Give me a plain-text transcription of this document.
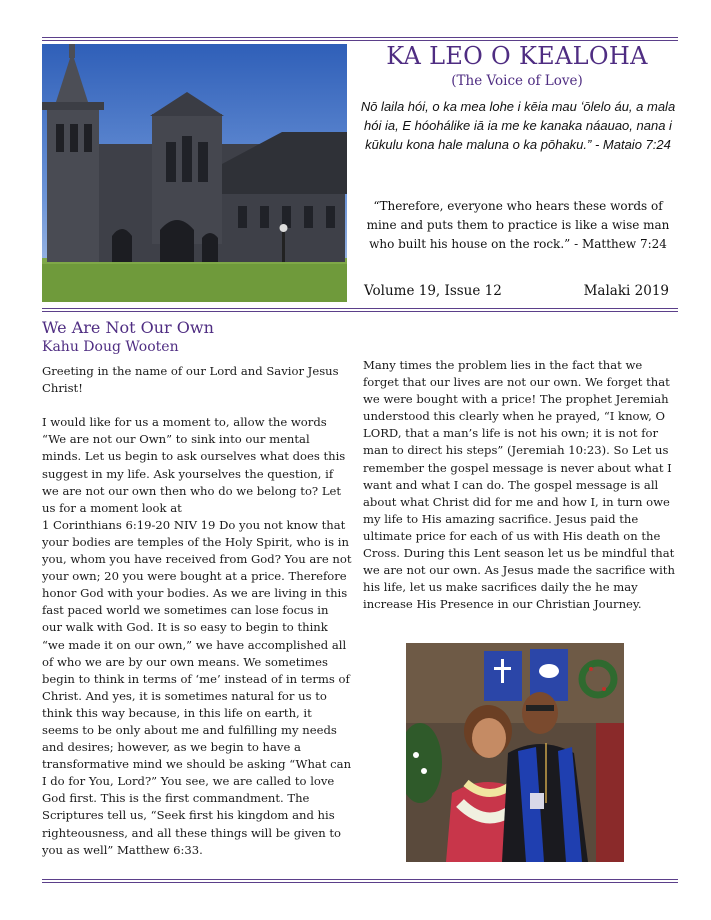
KA LEO O KEALOHA
(The Voice of Love)
Nō laila hói, o ka mea lohe i kēia mau ʻōlelo áu, a mala hói ia, E hóohálike iā ia me ke kanaka náauao, nana i kūkulu kona hale maluna o ka pōhaku.” - Mataio 7:24
“Therefore, everyone who hears these words of mine and puts them to practice is like a wise man who built his house on the rock.” - Matthew 7:24
Volume 19, Issue 12	Malaki 2019
We Are Not Our Own
Kahu Doug Wooten
Greeting in the name of our Lord and Savior Jesus Christ!

I would like for us a moment to, allow the words “We are not our Own” to sink into our mental minds. Let us begin to ask ourselves what does this suggest in my life. Ask yourselves the question, if we are not our own then who do we belong to? Let us for a moment look at
1 Corinthians 6:19-20 NIV 19 Do you not know that your bodies are temples of the Holy Spirit, who is in you, whom you have received from God? You are not your own; 20 you were bought at a price. Therefore honor God with your bodies. As we are living in this fast paced world we sometimes can lose focus in our walk with God. It is so easy to begin to think “we made it on our own,” we have accomplished all of who we are by our own means. We sometimes begin to think in terms of ‘me’ instead of in terms of Christ. And yes, it is sometimes natural for us to think this way because, in this life on earth, it seems to be only about me and fulfilling my needs and desires; however, as we begin to have a transformative mind we should be asking “What can I do for You, Lord?” You see, we are called to love God first. This is the first commandment. The Scriptures tell us, “Seek first his kingdom and his righteousness, and all these things will be given to you as well” Matthew 6:33.
Many times the problem lies in the fact that we forget that our lives are not our own. We forget that we were bought with a price! The prophet Jeremiah understood this clearly when he prayed, “I know, O LORD, that a man’s life is not his own; it is not for man to direct his steps” (Jeremiah 10:23). So Let us remember the gospel message is never about what I want and what I can do. The gospel message is all about what Christ did for me and how I, in turn owe my life to His amazing sacrifice. Jesus paid the ultimate price for each of us with His death on the Cross. During this Lent season let us be mindful that we are not our own. As Jesus made the sacrifice with his life, let us make sacrifices daily the he may increase His Presence in our Christian Journey.
